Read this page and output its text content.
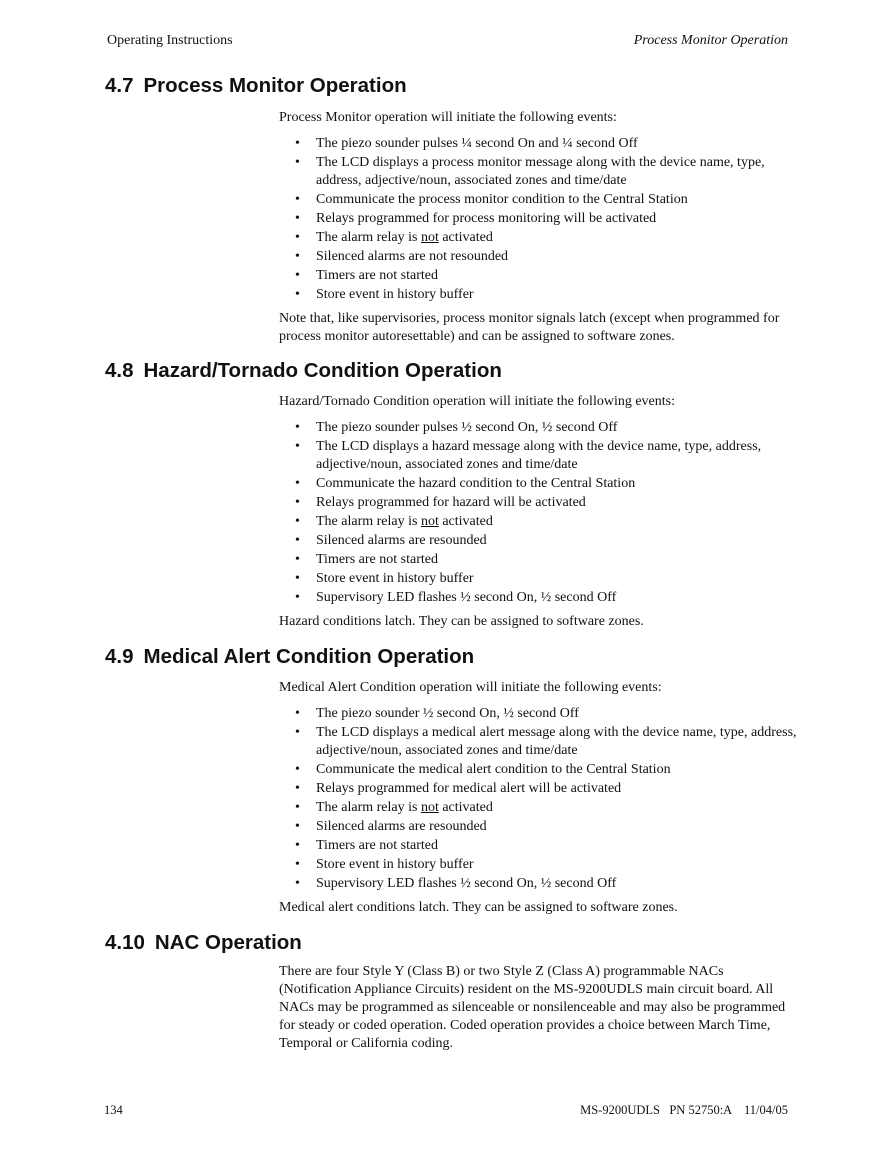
Operating Instructions	Process Monitor Operation
4.7 Process Monitor Operation

Process Monitor operation will initiate the following events:

• The piezo sounder pulses ¼ second On and ¼ second Off
• The LCD displays a process monitor message along with the device name, type, address, adjective/noun, associated zones and time/date
• Communicate the process monitor condition to the Central Station
• Relays programmed for process monitoring will be activated
• The alarm relay is not activated
• Silenced alarms are not resounded
• Timers are not started
• Store event in history buffer

Note that, like supervisories, process monitor signals latch (except when programmed for process monitor autoresettable) and can be assigned to software zones.

4.8 Hazard/Tornado Condition Operation

Hazard/Tornado Condition operation will initiate the following events:

• The piezo sounder pulses ½ second On, ½ second Off
• The LCD displays a hazard message along with the device name, type, address, adjective/noun, associated zones and time/date
• Communicate the hazard condition to the Central Station
• Relays programmed for hazard will be activated
• The alarm relay is not activated
• Silenced alarms are resounded
• Timers are not started
• Store event in history buffer
• Supervisory LED flashes ½ second On, ½ second Off

Hazard conditions latch. They can be assigned to software zones.

4.9 Medical Alert Condition Operation

Medical Alert Condition operation will initiate the following events:

• The piezo sounder ½ second On, ½ second Off
• The LCD displays a medical alert message along with the device name, type, address, adjective/noun, associated zones and time/date
• Communicate the medical alert condition to the Central Station
• Relays programmed for medical alert will be activated
• The alarm relay is not activated
• Silenced alarms are resounded
• Timers are not started
• Store event in history buffer
• Supervisory LED flashes ½ second On, ½ second Off

Medical alert conditions latch. They can be assigned to software zones.

4.10 NAC Operation

There are four Style Y (Class B) or two Style Z (Class A) programmable NACs (Notification Appliance Circuits) resident on the MS-9200UDLS main circuit board. All NACs may be programmed as silenceable or nonsilenceable and may also be programmed for steady or coded operation. Coded operation provides a choice between March Time, Temporal or California coding.

134	MS-9200UDLS   PN 52750:A    11/04/05
